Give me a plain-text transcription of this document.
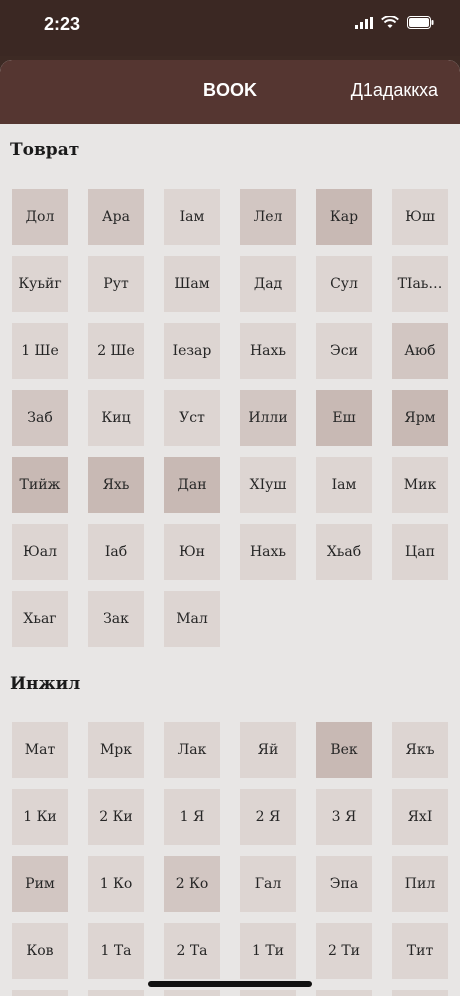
2:23
BOOK	Д1адаккха
Товрат
Дол	Ара	Іам	Лел	Кар	Юш
Куьйг	Рут	Шам	Дад	Сул	ТІаь…
1 Ше	2 Ше	Іезар	Нахь	Эси	Аюб
Заб	Киц	Уст	Илли	Еш	Ярм
Тийж	Яхь	Дан	ХІуш	Іам	Мик
Юал	Іаб	Юн	Нахь	Хьаб	Цап
Хьаг	Зак	Мал
Инжил
Мат	Мрк	Лак	Яй	Век	Якъ
1 Ки	2 Ки	1 Я	2 Я	3 Я	ЯхІ
Рим	1 Ко	2 Ко	Гал	Эпа	Пил
Ков	1 Та	2 Та	1 Ти	2 Ти	Тит
